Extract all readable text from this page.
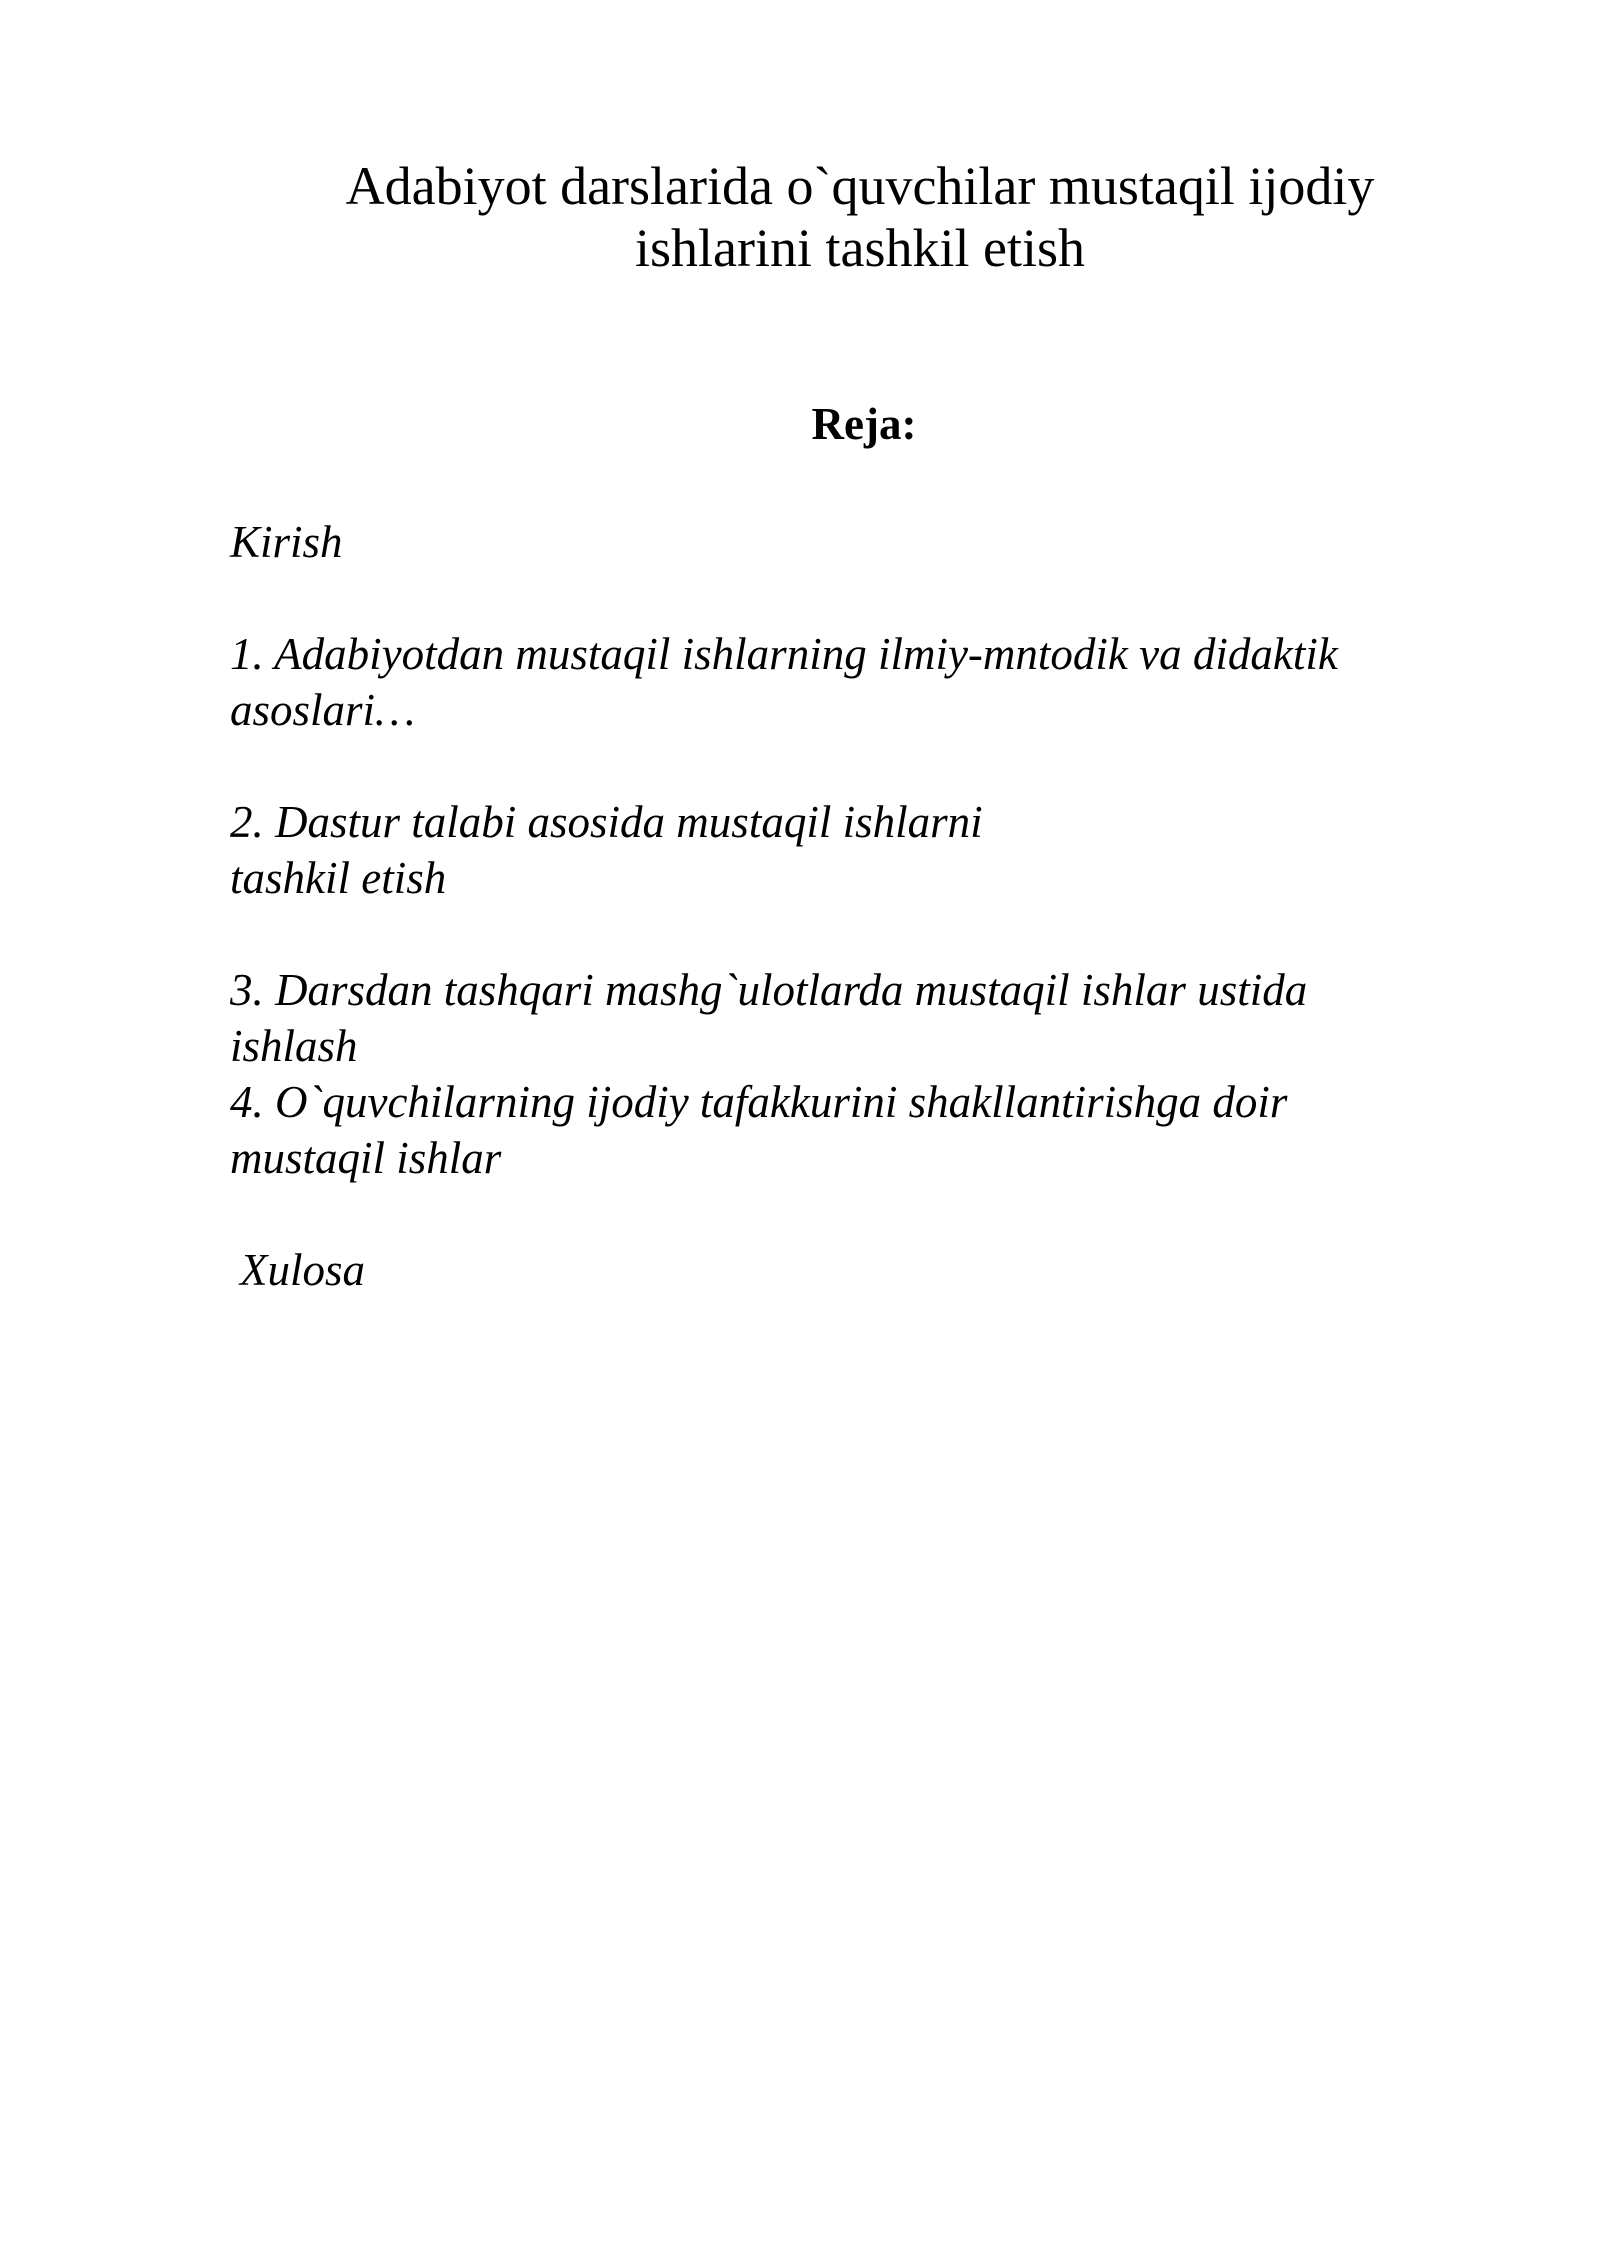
Adabiyot darslarida o`quvchilar mustaqil ijodiy
ishlarini tashkil etish
Reja:
Kirish
1. Adabiyotdan mustaqil ishlarning ilmiy-mntodik va didaktik
asoslari…
2. Dastur talabi asosida mustaqil ishlarni
tashkil etish
3. Darsdan tashqari mashg`ulotlarda mustaqil ishlar ustida
ishlash
4. O`quvchilarning ijodiy tafakkurini shakllantirishga doir
mustaqil ishlar
Xulosa
